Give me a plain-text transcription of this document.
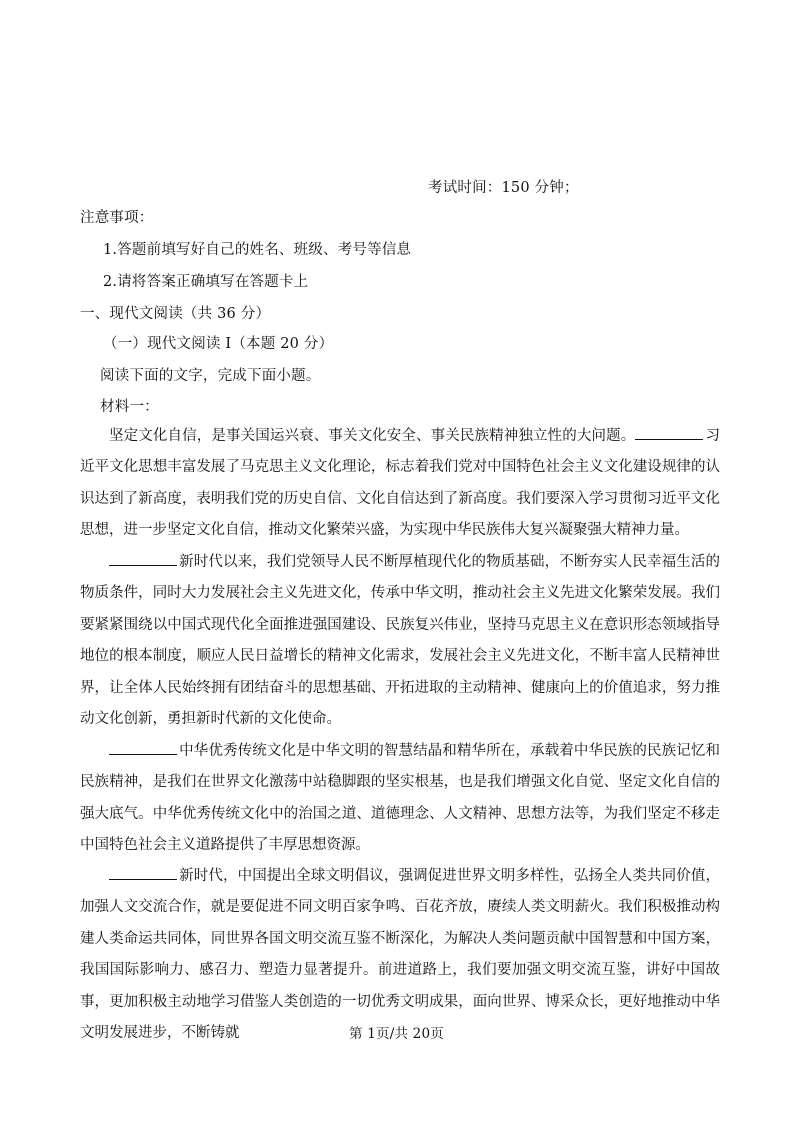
考试时间：150 分钟；
注意事项：
1.答题前填写好自己的姓名、班级、考号等信息
2.请将答案正确填写在答题卡上
一、现代文阅读（共 36 分）
（一）现代文阅读 I（本题 20 分）
阅读下面的文字，完成下面小题。
材料一：

坚定文化自信，是事关国运兴衰、事关文化安全、事关民族精神独立性的大问题。	习近平文化思想丰富发展了马克思主义文化理论，标志着我们党对中国特色社会主义文化建设规律的认识达到了新高度，表明我们党的历史自信、文化自信达到了新高度。我们要深入学习贯彻习近平文化思想，进一步坚定文化自信，推动文化繁荣兴盛，为实现中华民族伟大复兴凝聚强大精神力量。

新时代以来，我们党领导人民不断厚植现代化的物质基础，不断夯实人民幸福生活的物质条件，同时大力发展社会主义先进文化，传承中华文明，推动社会主义先进文化繁荣发展。我们要紧紧围绕以中国式现代化全面推进强国建设、民族复兴伟业，坚持马克思主义在意识形态领域指导地位的根本制度，顺应人民日益增长的精神文化需求，发展社会主义先进文化，不断丰富人民精神世界，让全体人民始终拥有团结奋斗的思想基础、开拓进取的主动精神、健康向上的价值追求，努力推动文化创新，勇担新时代新的文化使命。

中华优秀传统文化是中华文明的智慧结晶和精华所在，承载着中华民族的民族记忆和民族精神，是我们在世界文化激荡中站稳脚跟的坚实根基，也是我们增强文化自觉、坚定文化自信的强大底气。中华优秀传统文化中的治国之道、道德理念、人文精神、思想方法等，为我们坚定不移走中国特色社会主义道路提供了丰厚思想资源。

新时代，中国提出全球文明倡议，强调促进世界文明多样性，弘扬全人类共同价值，加强人文交流合作，就是要促进不同文明百家争鸣、百花齐放，赓续人类文明薪火。我们积极推动构建人类命运共同体，同世界各国文明交流互鉴不断深化，为解决人类问题贡献中国智慧和中国方案，我国国际影响力、感召力、塑造力显著提升。前进道路上，我们要加强文明交流互鉴，讲好中国故事，更加积极主动地学习借鉴人类创造的一切优秀文明成果，面向世界、博采众长，更好地推动中华文明发展进步，不断铸就	第 1页/共 20页
